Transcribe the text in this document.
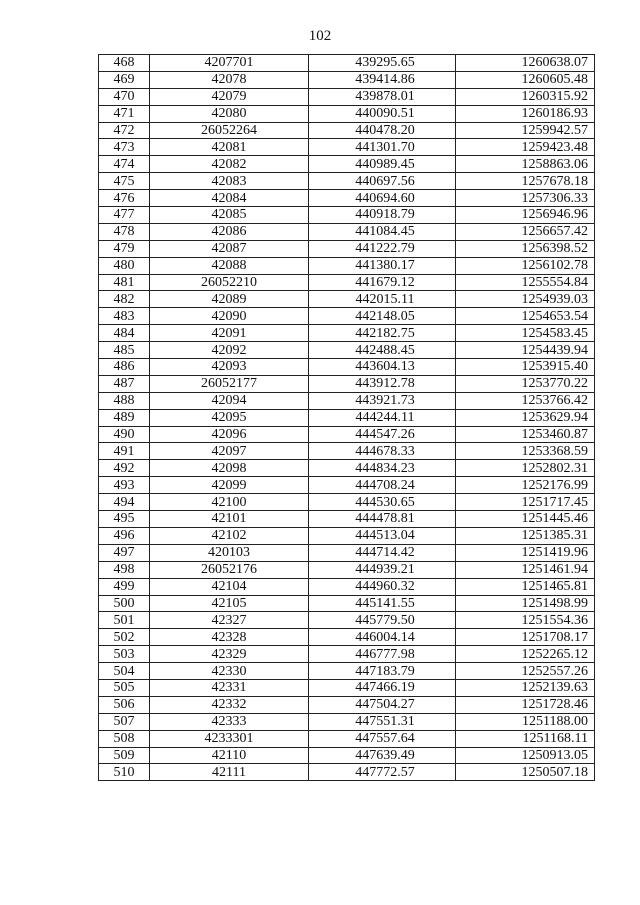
102
468	4207701	439295.65	1260638.07
469	42078	439414.86	1260605.48
470	42079	439878.01	1260315.92
471	42080	440090.51	1260186.93
472	26052264	440478.20	1259942.57
473	42081	441301.70	1259423.48
474	42082	440989.45	1258863.06
475	42083	440697.56	1257678.18
476	42084	440694.60	1257306.33
477	42085	440918.79	1256946.96
478	42086	441084.45	1256657.42
479	42087	441222.79	1256398.52
480	42088	441380.17	1256102.78
481	26052210	441679.12	1255554.84
482	42089	442015.11	1254939.03
483	42090	442148.05	1254653.54
484	42091	442182.75	1254583.45
485	42092	442488.45	1254439.94
486	42093	443604.13	1253915.40
487	26052177	443912.78	1253770.22
488	42094	443921.73	1253766.42
489	42095	444244.11	1253629.94
490	42096	444547.26	1253460.87
491	42097	444678.33	1253368.59
492	42098	444834.23	1252802.31
493	42099	444708.24	1252176.99
494	42100	444530.65	1251717.45
495	42101	444478.81	1251445.46
496	42102	444513.04	1251385.31
497	420103	444714.42	1251419.96
498	26052176	444939.21	1251461.94
499	42104	444960.32	1251465.81
500	42105	445141.55	1251498.99
501	42327	445779.50	1251554.36
502	42328	446004.14	1251708.17
503	42329	446777.98	1252265.12
504	42330	447183.79	1252557.26
505	42331	447466.19	1252139.63
506	42332	447504.27	1251728.46
507	42333	447551.31	1251188.00
508	4233301	447557.64	1251168.11
509	42110	447639.49	1250913.05
510	42111	447772.57	1250507.18
